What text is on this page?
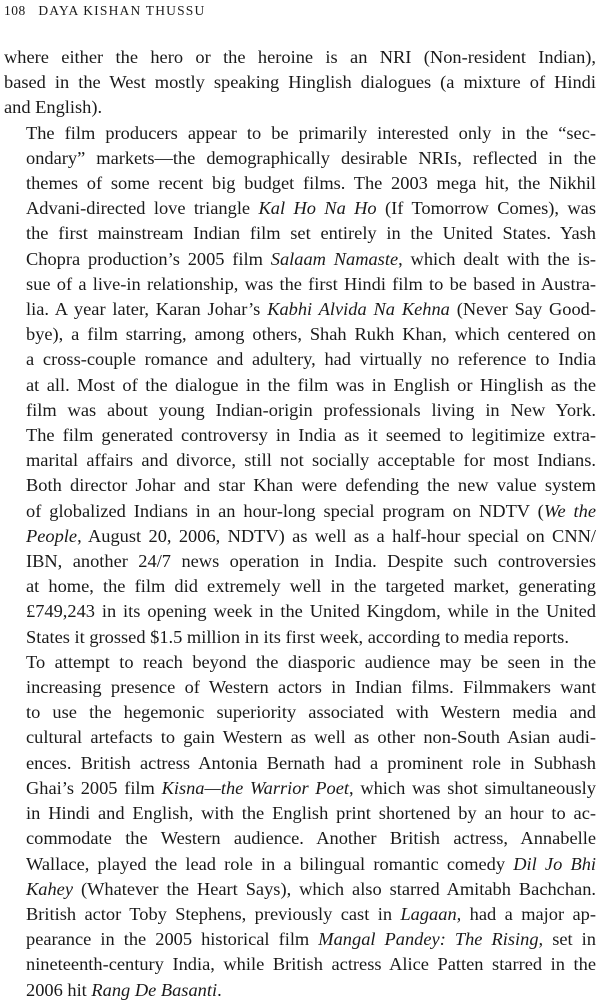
108 DAYA KISHAN THUSSU

where either the hero or the heroine is an NRI (Non-resident Indian),
based in the West mostly speaking Hinglish dialogues (a mixture of Hindi
and English).

The film producers appear to be primarily interested only in the “sec-
ondary” markets—the demographically desirable NRIs, reflected in the
themes of some recent big budget films. The 2003 mega hit, the Nikhil
Advani-directed love triangle Kal Ho Na Ho (If Tomorrow Comes), was
the first mainstream Indian film set entirely in the United States. Yash
Chopra production’s 2005 film Salaam Namaste, which dealt with the is-
sue of a live-in relationship, was the first Hindi film to be based in Austra-
lia. A year later, Karan Johar’s Kabhi Alvida Na Kehna (Never Say Good-
bye), a film starring, among others, Shah Rukh Khan, which centered on
a cross-couple romance and adultery, had virtually no reference to India
at all. Most of the dialogue in the film was in English or Hinglish as the
film was about young Indian-origin professionals living in New York.
The film generated controversy in India as it seemed to legitimize extra-
marital affairs and divorce, still not socially acceptable for most Indians.
Both director Johar and star Khan were defending the new value system
of globalized Indians in an hour-long special program on NDTV (We the
People, August 20, 2006, NDTV) as well as a half-hour special on CNN/
IBN, another 24/7 news operation in India. Despite such controversies
at home, the film did extremely well in the targeted market, generating
£749,243 in its opening week in the United Kingdom, while in the United
States it grossed $1.5 million in its first week, according to media reports.

To attempt to reach beyond the diasporic audience may be seen in the
increasing presence of Western actors in Indian films. Filmmakers want
to use the hegemonic superiority associated with Western media and
cultural artefacts to gain Western as well as other non-South Asian audi-
ences. British actress Antonia Bernath had a prominent role in Subhash
Ghai’s 2005 film Kisna—the Warrior Poet, which was shot simultaneously
in Hindi and English, with the English print shortened by an hour to ac-
commodate the Western audience. Another British actress, Annabelle
Wallace, played the lead role in a bilingual romantic comedy Dil Jo Bhi
Kahey (Whatever the Heart Says), which also starred Amitabh Bachchan.
British actor Toby Stephens, previously cast in Lagaan, had a major ap-
pearance in the 2005 historical film Mangal Pandey: The Rising, set in
nineteenth-century India, while British actress Alice Patten starred in the
2006 hit Rang De Basanti.
